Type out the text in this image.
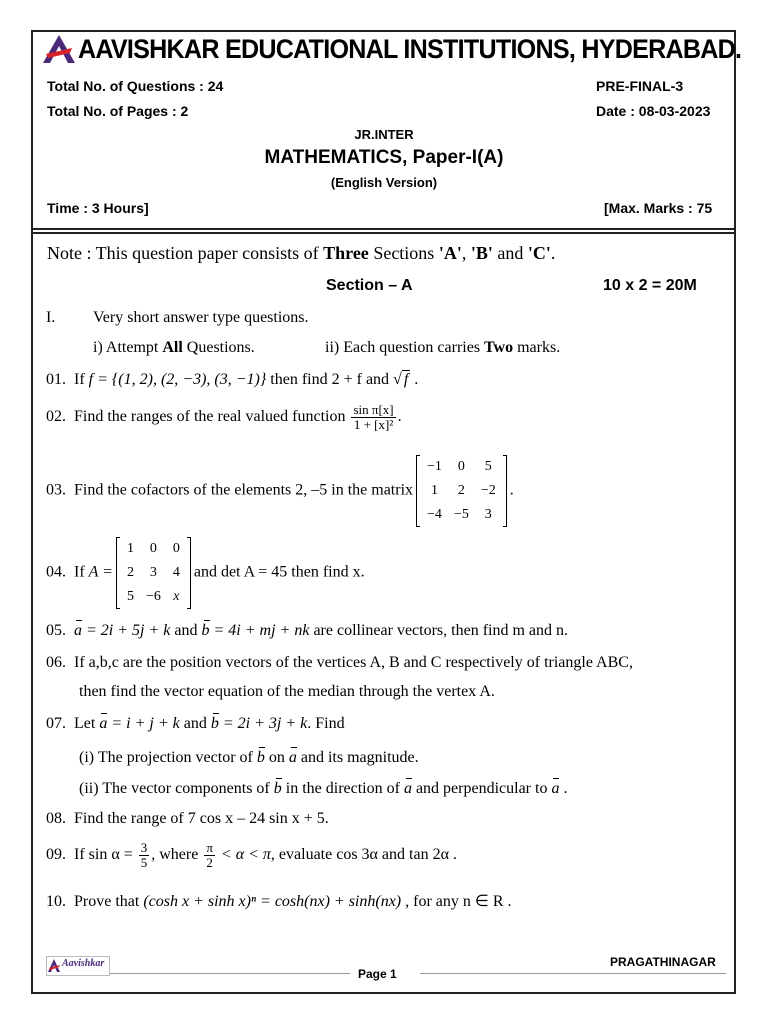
AAVISHKAR EDUCATIONAL INSTITUTIONS, HYDERABAD.
Total No. of Questions : 24	PRE-FINAL-3
Total No. of Pages : 2	Date : 08-03-2023
JR.INTER
MATHEMATICS, Paper-I(A)
(English Version)
Time : 3 Hours]	[Max. Marks : 75
Note : This question paper consists of Three Sections 'A', 'B' and 'C'.
Section – A	10 x 2 = 20M
I. Very short answer type questions.
i) Attempt All Questions.	ii) Each question carries Two marks.
01. If f = {(1, 2), (2, −3), (3, −1)} then find 2 + f and √ f .
02. Find the ranges of the real valued function $\frac{\text{sin π[x]}}{\text{1 + [x]²}}$ .
03. Find the cofactors of the elements 2, –5 in the matrix
−1	0	5
1	2	−2
−4	−5	3
.
04. If A =
1	0	0
2	3	4
5	−6	x
and det A = 45 then find x.
05. a = 2i + 5j + k and b = 4i + mj + nk are collinear vectors, then find m and n.
06. If a,b,c are the position vectors of the vertices A, B and C respectively of triangle ABC,
then find the vector equation of the median through the vertex A.
07. Let a = i + j + k and b = 2i + 3j + k. Find
(i) The projection vector of b on a and its magnitude.
(ii) The vector components of b in the direction of a and perpendicular to a .
08. Find the range of 7 cos x – 24 sin x + 5.
09. If $\sin \alpha = \frac{3}{5}$ , where $\frac{\pi}{2} < \alpha < \pi$, evaluate cos 3α and tan 2α .
10. Prove that (cosh x + sinh x)ⁿ = cosh(nx) + sinh(nx) , for any n ∈ R .
Aavishkar
Page 1
PRAGATHINAGAR
